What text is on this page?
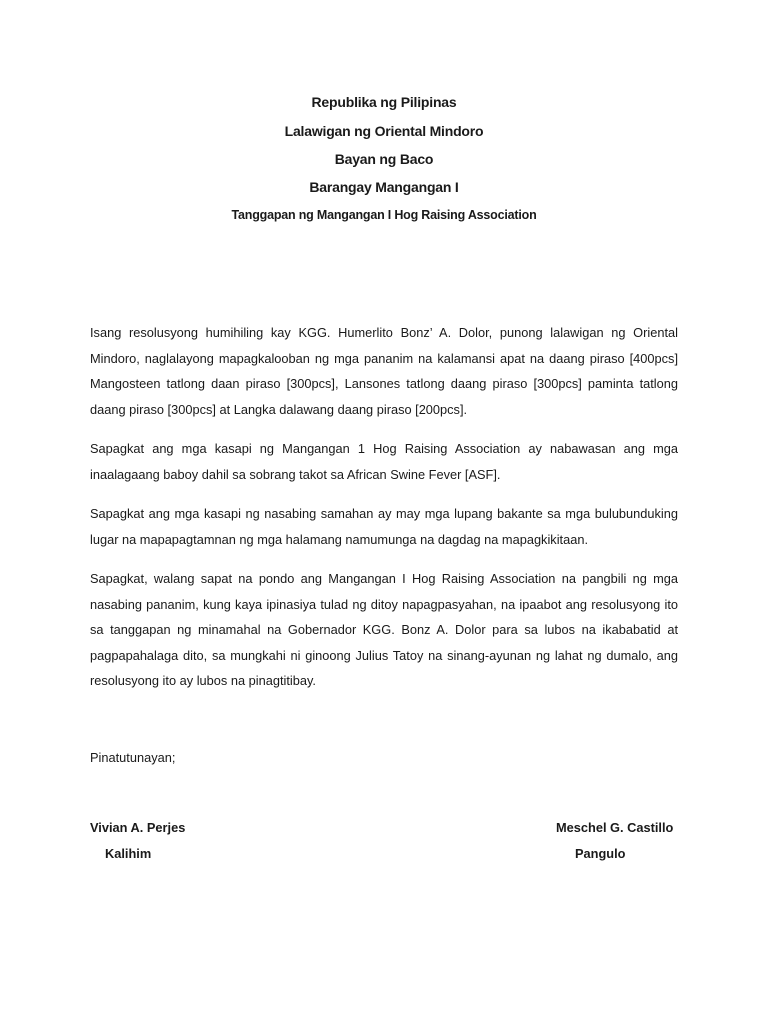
Republika ng Pilipinas
Lalawigan ng Oriental Mindoro
Bayan ng Baco
Barangay Mangangan I
Tanggapan ng Mangangan I Hog Raising Association

Isang resolusyong humihiling kay KGG. Humerlito Bonz’ A. Dolor, punong lalawigan ng Oriental Mindoro, naglalayong mapagkalooban ng mga pananim na kalamansi apat na daang piraso [400pcs] Mangosteen tatlong daan piraso [300pcs], Lansones tatlong daang piraso [300pcs] paminta tatlong daang piraso [300pcs] at Langka dalawang daang piraso [200pcs].

Sapagkat ang mga kasapi ng Mangangan 1 Hog Raising Association ay nabawasan ang mga inaalagaang baboy dahil sa sobrang takot sa African Swine Fever [ASF].

Sapagkat ang mga kasapi ng nasabing samahan ay may mga lupang bakante sa mga bulubunduking lugar na mapapagtamnan ng mga halamang namumunga na dagdag na mapagkikitaan.

Sapagkat, walang sapat na pondo ang Mangangan I Hog Raising Association na pangbili ng mga nasabing pananim, kung kaya ipinasiya tulad ng ditoy napagpasyahan, na ipaabot ang resolusyong ito sa tanggapan ng minamahal na Gobernador KGG. Bonz A. Dolor para sa lubos na ikababatid at pagpapahalaga dito, sa mungkahi ni ginoong Julius Tatoy na sinang-ayunan ng lahat ng dumalo, ang resolusyong ito ay lubos na pinagtitibay.

Pinatutunayan;
Vivian A. Perjes
Kalihim
Meschel G. Castillo
Pangulo
